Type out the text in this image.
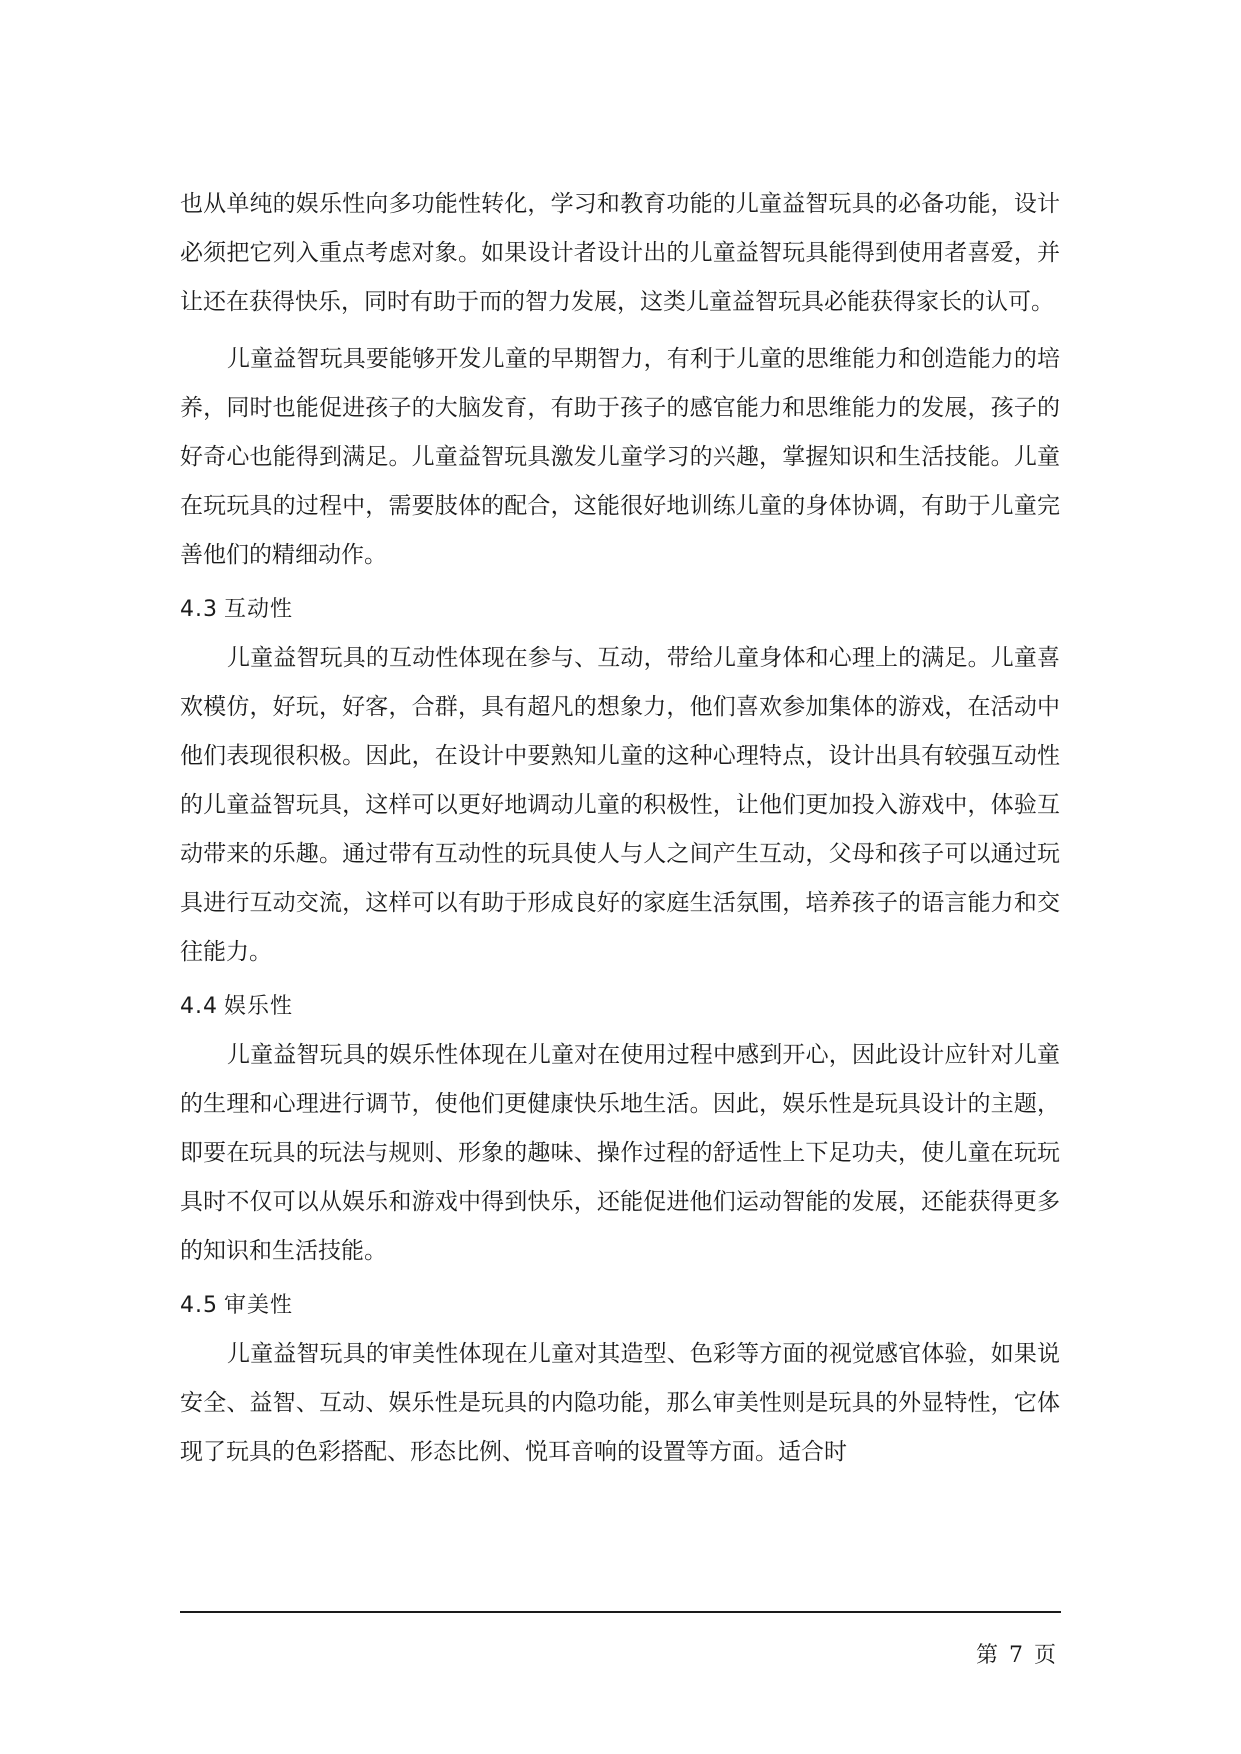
也从单纯的娱乐性向多功能性转化，学习和教育功能的儿童益智玩具的必备功能，设计必须把它列入重点考虑对象。如果设计者设计出的儿童益智玩具能得到使用者喜爱，并让还在获得快乐，同时有助于而的智力发展，这类儿童益智玩具必能获得家长的认可。

儿童益智玩具要能够开发儿童的早期智力，有利于儿童的思维能力和创造能力的培养，同时也能促进孩子的大脑发育，有助于孩子的感官能力和思维能力的发展，孩子的好奇心也能得到满足。儿童益智玩具激发儿童学习的兴趣，掌握知识和生活技能。儿童在玩玩具的过程中，需要肢体的配合，这能很好地训练儿童的身体协调，有助于儿童完善他们的精细动作。

4.3 互动性

儿童益智玩具的互动性体现在参与、互动，带给儿童身体和心理上的满足。儿童喜欢模仿，好玩，好客，合群，具有超凡的想象力，他们喜欢参加集体的游戏，在活动中他们表现很积极。因此，在设计中要熟知儿童的这种心理特点，设计出具有较强互动性的儿童益智玩具，这样可以更好地调动儿童的积极性，让他们更加投入游戏中，体验互动带来的乐趣。通过带有互动性的玩具使人与人之间产生互动，父母和孩子可以通过玩具进行互动交流，这样可以有助于形成良好的家庭生活氛围，培养孩子的语言能力和交往能力。

4.4 娱乐性

儿童益智玩具的娱乐性体现在儿童对在使用过程中感到开心，因此设计应针对儿童的生理和心理进行调节，使他们更健康快乐地生活。因此，娱乐性是玩具设计的主题，即要在玩具的玩法与规则、形象的趣味、操作过程的舒适性上下足功夫，使儿童在玩玩具时不仅可以从娱乐和游戏中得到快乐，还能促进他们运动智能的发展，还能获得更多的知识和生活技能。

4.5 审美性

儿童益智玩具的审美性体现在儿童对其造型、色彩等方面的视觉感官体验，如果说安全、益智、互动、娱乐性是玩具的内隐功能，那么审美性则是玩具的外显特性，它体现了玩具的色彩搭配、形态比例、悦耳音响的设置等方面。适合时

第 7 页
